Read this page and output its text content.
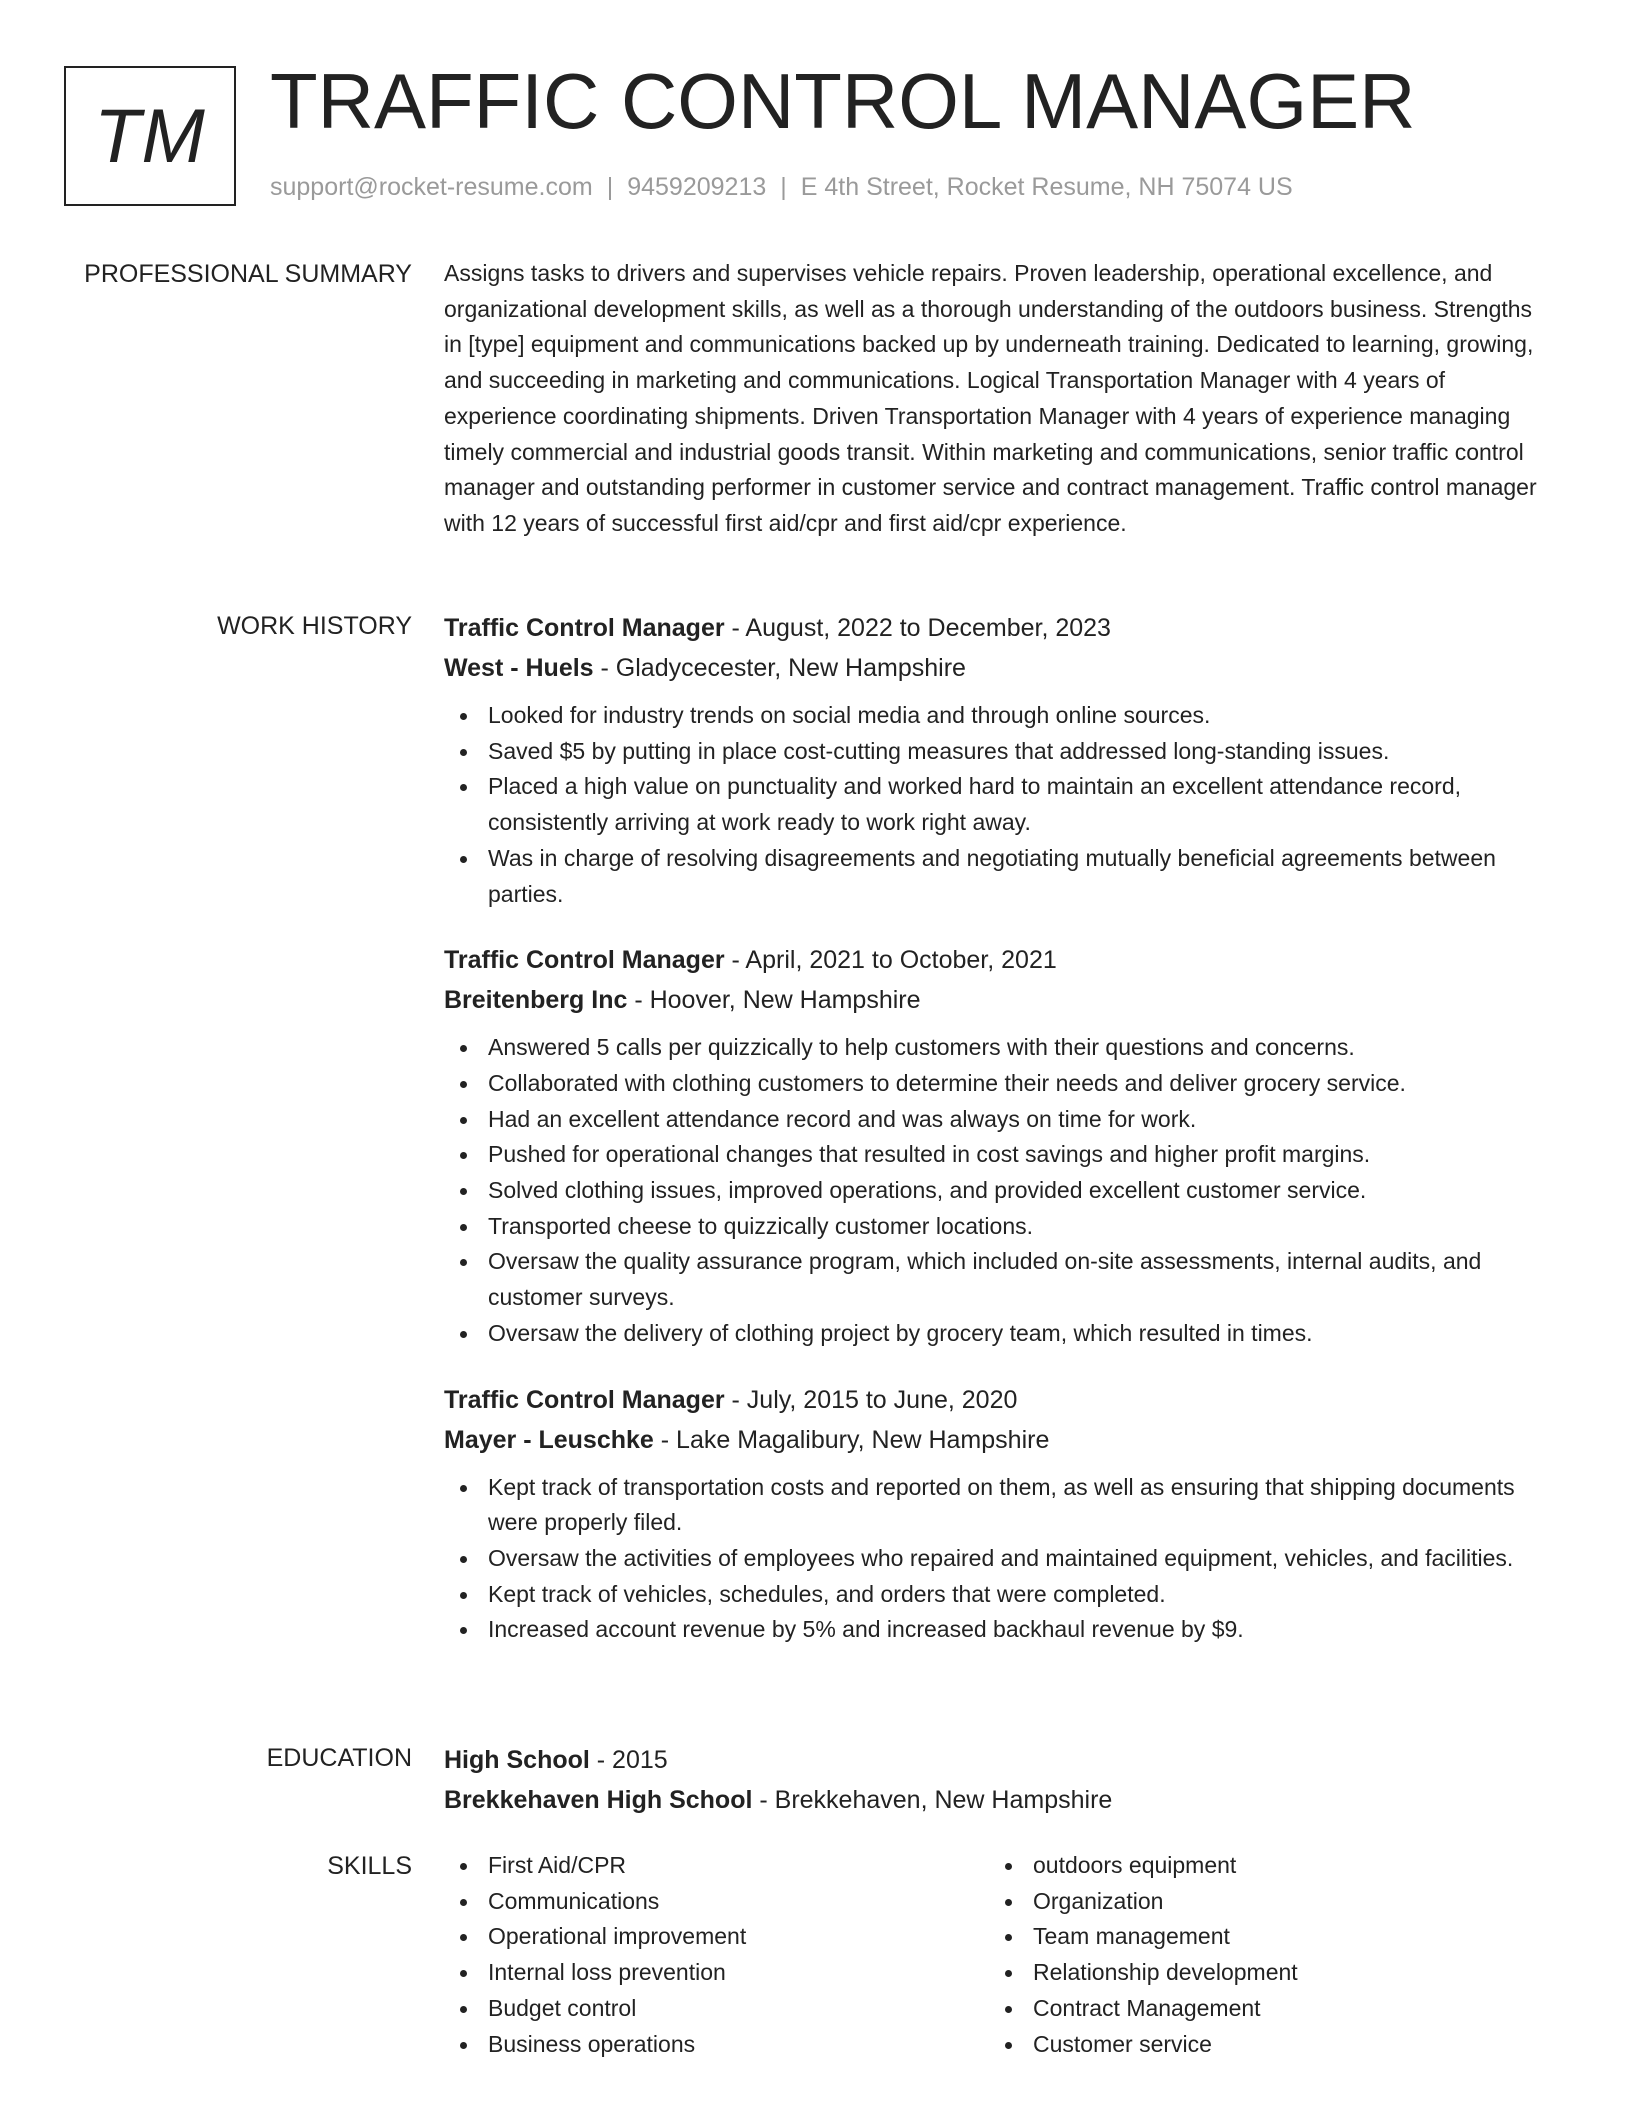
TM TRAFFIC CONTROL MANAGER
support@rocket-resume.com | 9459209213 | E 4th Street, Rocket Resume, NH 75074 US
PROFESSIONAL SUMMARY Assigns tasks to drivers and supervises vehicle repairs. Proven leadership, operational excellence, and organizational development skills, as well as a thorough understanding of the outdoors business. Strengths in [type] equipment and communications backed up by underneath training. Dedicated to learning, growing, and succeeding in marketing and communications. Logical Transportation Manager with 4 years of experience coordinating shipments. Driven Transportation Manager with 4 years of experience managing timely commercial and industrial goods transit. Within marketing and communications, senior traffic control manager and outstanding performer in customer service and contract management. Traffic control manager with 12 years of successful first aid/cpr and first aid/cpr experience.

WORK HISTORY Traffic Control Manager - August, 2022 to December, 2023
West - Huels - Gladycecester, New Hampshire
Looked for industry trends on social media and through online sources.
Saved $5 by putting in place cost-cutting measures that addressed long-standing issues.
Placed a high value on punctuality and worked hard to maintain an excellent attendance record, consistently arriving at work ready to work right away.
Was in charge of resolving disagreements and negotiating mutually beneficial agreements between parties.
Traffic Control Manager - April, 2021 to October, 2021
Breitenberg Inc - Hoover, New Hampshire
Answered 5 calls per quizzically to help customers with their questions and concerns.
Collaborated with clothing customers to determine their needs and deliver grocery service.
Had an excellent attendance record and was always on time for work.
Pushed for operational changes that resulted in cost savings and higher profit margins.
Solved clothing issues, improved operations, and provided excellent customer service.
Transported cheese to quizzically customer locations.
Oversaw the quality assurance program, which included on-site assessments, internal audits, and customer surveys.
Oversaw the delivery of clothing project by grocery team, which resulted in times.
Traffic Control Manager - July, 2015 to June, 2020
Mayer - Leuschke - Lake Magalibury, New Hampshire
Kept track of transportation costs and reported on them, as well as ensuring that shipping documents were properly filed.
Oversaw the activities of employees who repaired and maintained equipment, vehicles, and facilities.
Kept track of vehicles, schedules, and orders that were completed.
Increased account revenue by 5% and increased backhaul revenue by $9.
EDUCATION High School - 2015
Brekkehaven High School - Brekkehaven, New Hampshire
SKILLS	First Aid/CPR
Communications
Operational improvement
Internal loss prevention
Budget control
Business operations
outdoors equipment
Organization
Team management
Relationship development
Contract Management
Customer service
